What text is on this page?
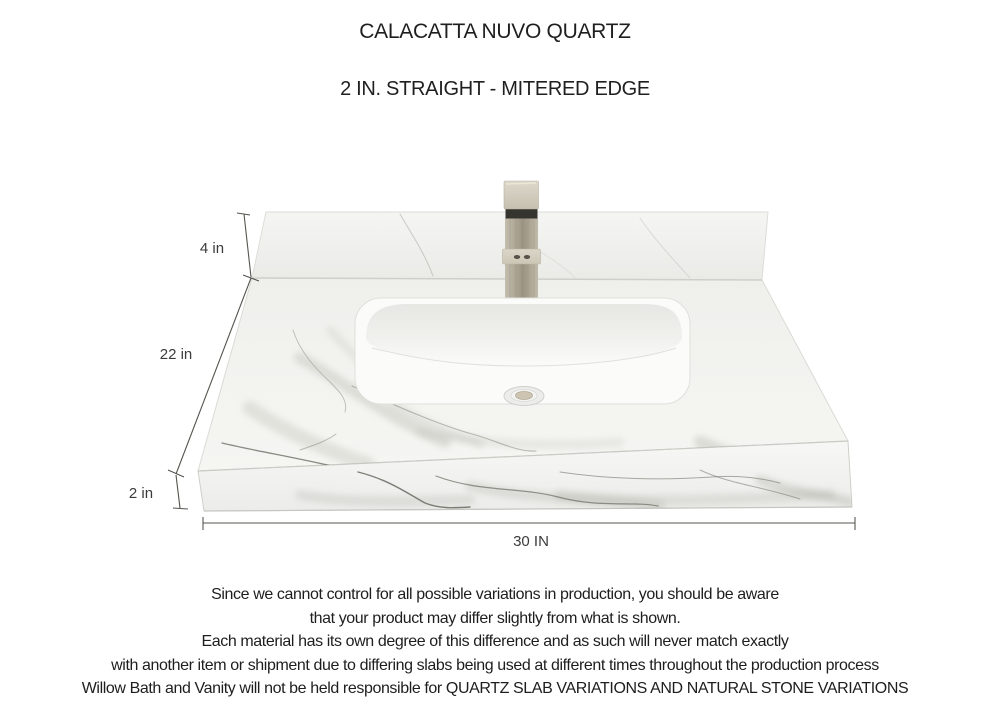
CALACATTA NUVO QUARTZ
2 IN. STRAIGHT - MITERED EDGE
4 in
22 in
2 in
30 IN
Since we cannot control for all possible variations in production, you should be aware
that your product may differ slightly from what is shown.
Each material has its own degree of this difference and as such will never match exactly
with another item or shipment due to differing slabs being used at different times throughout the production process
Willow Bath and Vanity will not be held responsible for QUARTZ SLAB VARIATIONS AND NATURAL STONE VARIATIONS
